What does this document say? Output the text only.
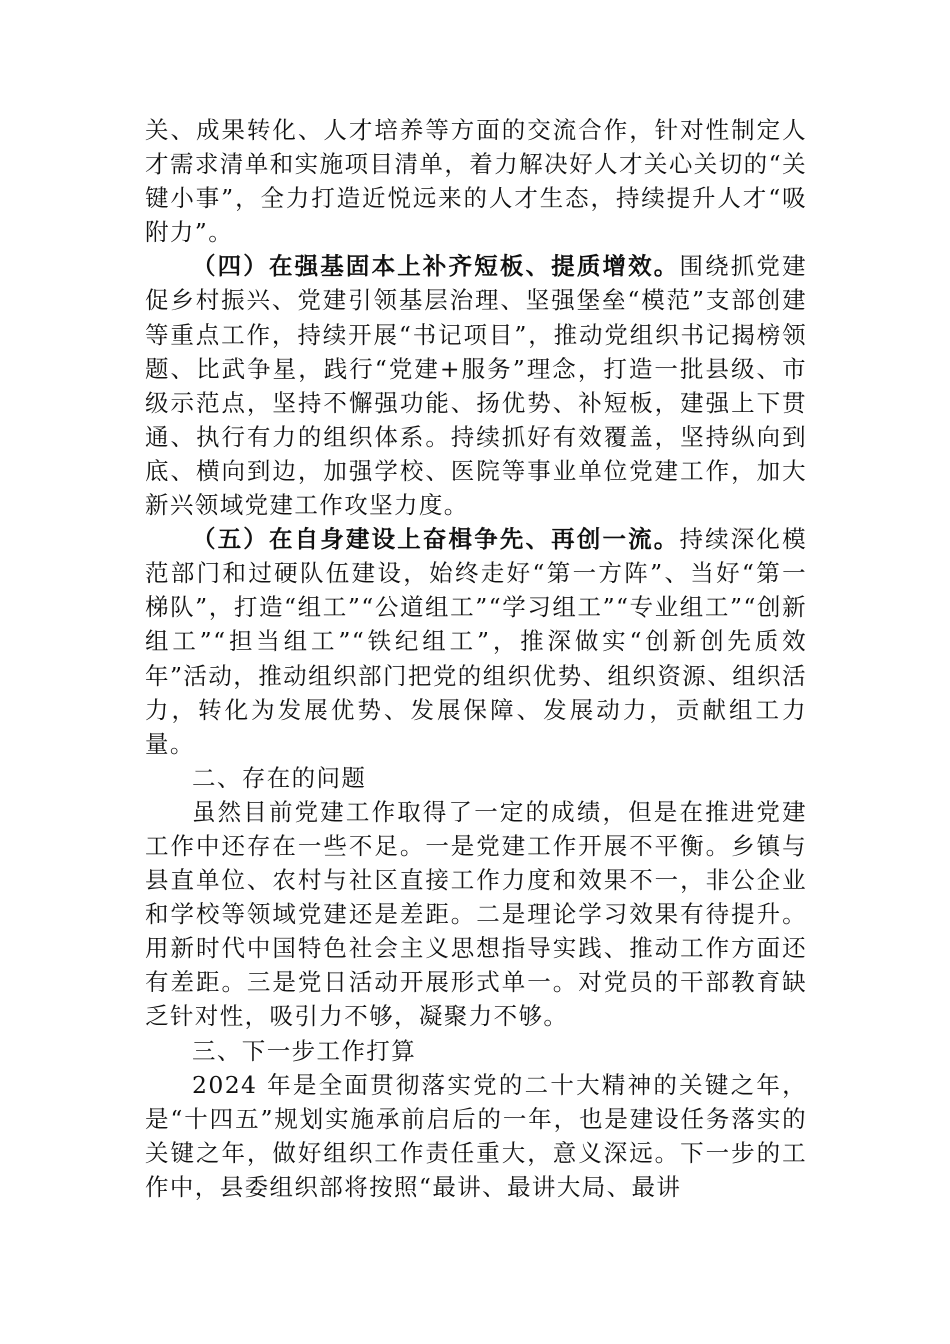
关、成果转化、人才培养等方面的交流合作，针对性制定人才需求清单和实施项目清单，着力解决好人才关心关切的“关键小事”，全力打造近悦远来的人才生态，持续提升人才“吸附力”。

（四）在强基固本上补齐短板、提质增效。围绕抓党建促乡村振兴、党建引领基层治理、坚强堡垒“模范”支部创建等重点工作，持续开展“书记项目”，推动党组织书记揭榜领题、比武争星，践行“党建+服务”理念，打造一批县级、市级示范点，坚持不懈强功能、扬优势、补短板，建强上下贯通、执行有力的组织体系。持续抓好有效覆盖，坚持纵向到底、横向到边，加强学校、医院等事业单位党建工作，加大新兴领域党建工作攻坚力度。

（五）在自身建设上奋楫争先、再创一流。持续深化模范部门和过硬队伍建设，始终走好“第一方阵”、当好“第一梯队”，打造“组工”“公道组工”“学习组工”“专业组工”“创新组工”“担当组工”“铁纪组工”，推深做实“创新创先质效年”活动，推动组织部门把党的组织优势、组织资源、组织活力，转化为发展优势、发展保障、发展动力，贡献组工力量。

二、存在的问题

虽然目前党建工作取得了一定的成绩，但是在推进党建工作中还存在一些不足。一是党建工作开展不平衡。乡镇与县直单位、农村与社区直接工作力度和效果不一，非公企业和学校等领域党建还是差距。二是理论学习效果有待提升。用新时代中国特色社会主义思想指导实践、推动工作方面还有差距。三是党日活动开展形式单一。对党员的干部教育缺乏针对性，吸引力不够，凝聚力不够。

三、下一步工作打算

2024 年是全面贯彻落实党的二十大精神的关键之年，是“十四五”规划实施承前启后的一年，也是建设任务落实的关键之年，做好组织工作责任重大，意义深远。下一步的工作中，县委组织部将按照“最讲、最讲大局、最讲
